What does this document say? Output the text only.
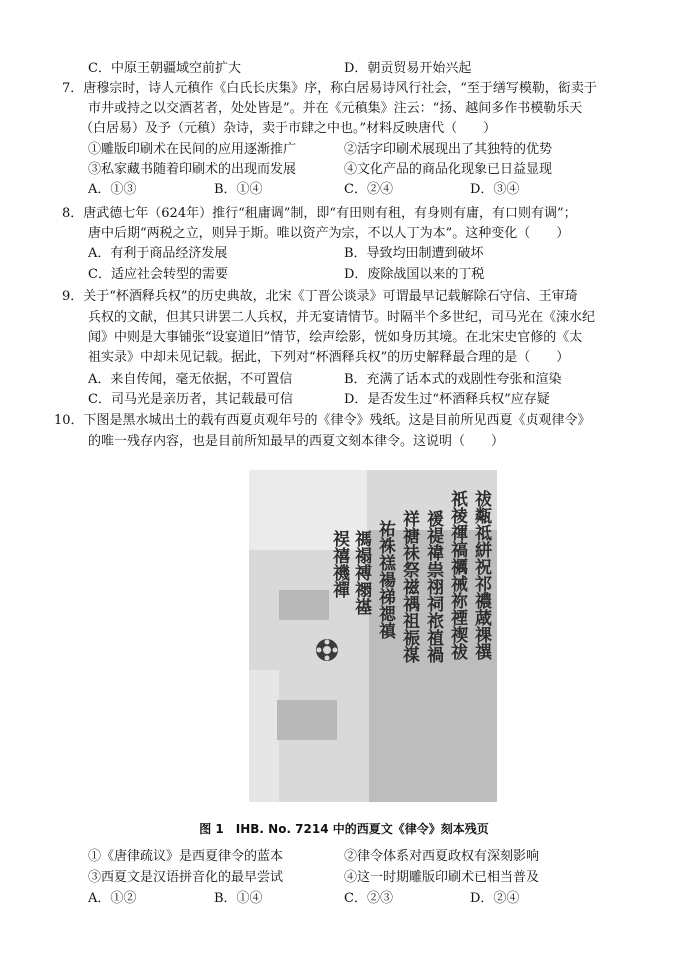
C．中原王朝疆域空前扩大	D．朝贡贸易开始兴起
7．唐穆宗时，诗人元稹作《白氏长庆集》序，称白居易诗风行社会，“至于缮写模勒，衒卖于
市井或持之以交酒茗者，处处皆是”。并在《元稹集》注云：“扬、越间多作书模勒乐天
（白居易）及予（元稹）杂诗，卖于市肆之中也。”材料反映唐代（　　）
①雕版印刷术在民间的应用逐渐推广	②活字印刷术展现出了其独特的优势
③私家藏书随着印刷术的出现而发展	④文化产品的商品化现象已日益显现
A．①③	B．①④	C．②④	D．③④
8．唐武德七年（624年）推行“租庸调”制，即“有田则有租，有身则有庸，有口则有调”；
唐中后期“两税之立，则异于斯。唯以资产为宗，不以人丁为本”。这种变化（　　）
A．有利于商品经济发展	B．导致均田制遭到破坏
C．适应社会转型的需要	D．废除战国以来的丁税
9．关于“杯酒释兵权”的历史典故，北宋《丁晋公谈录》可谓最早记载解除石守信、王审琦
兵权的文献，但其只讲罢二人兵权，并无宴请情节。时隔半个多世纪，司马光在《涑水纪
闻》中则是大事铺张“设宴道旧”情节，绘声绘影，恍如身历其境。在北宋史官修的《太
祖实录》中却未见记载。据此，下列对“杯酒释兵权”的历史解释最合理的是（　　）
A．来自传闻，毫无依据，不可置信	B．充满了话本式的戏剧性夸张和渲染
C．司马光是亲历者，其记载最可信	D．是否发生过“杯酒释兵权”应存疑
10．下图是黑水城出土的载有西夏贞观年号的《律令》残纸。这是目前所见西夏《贞观律令》
的唯一残存内容，也是目前所知最早的西夏文刻本律令。这说明（　　）
祓甐祗絣祝祁禯蒧祼禩
祇祾禈禞禲祴祢禋禊祓
禐禔禕祟祤祠祣禃禍
祥禟祙祭禌禑祖祳禖
祐祩禚禓祶禗禛
禡禢禣禤禥
祦禧禨禪
图 1　IHB. No. 7214 中的西夏文《律令》刻本残页
①《唐律疏议》是西夏律令的蓝本	②律令体系对西夏政权有深刻影响
③西夏文是汉语拼音化的最早尝试	④这一时期雕版印刷术已相当普及
A．①②	B．①④	C．②③	D．②④
